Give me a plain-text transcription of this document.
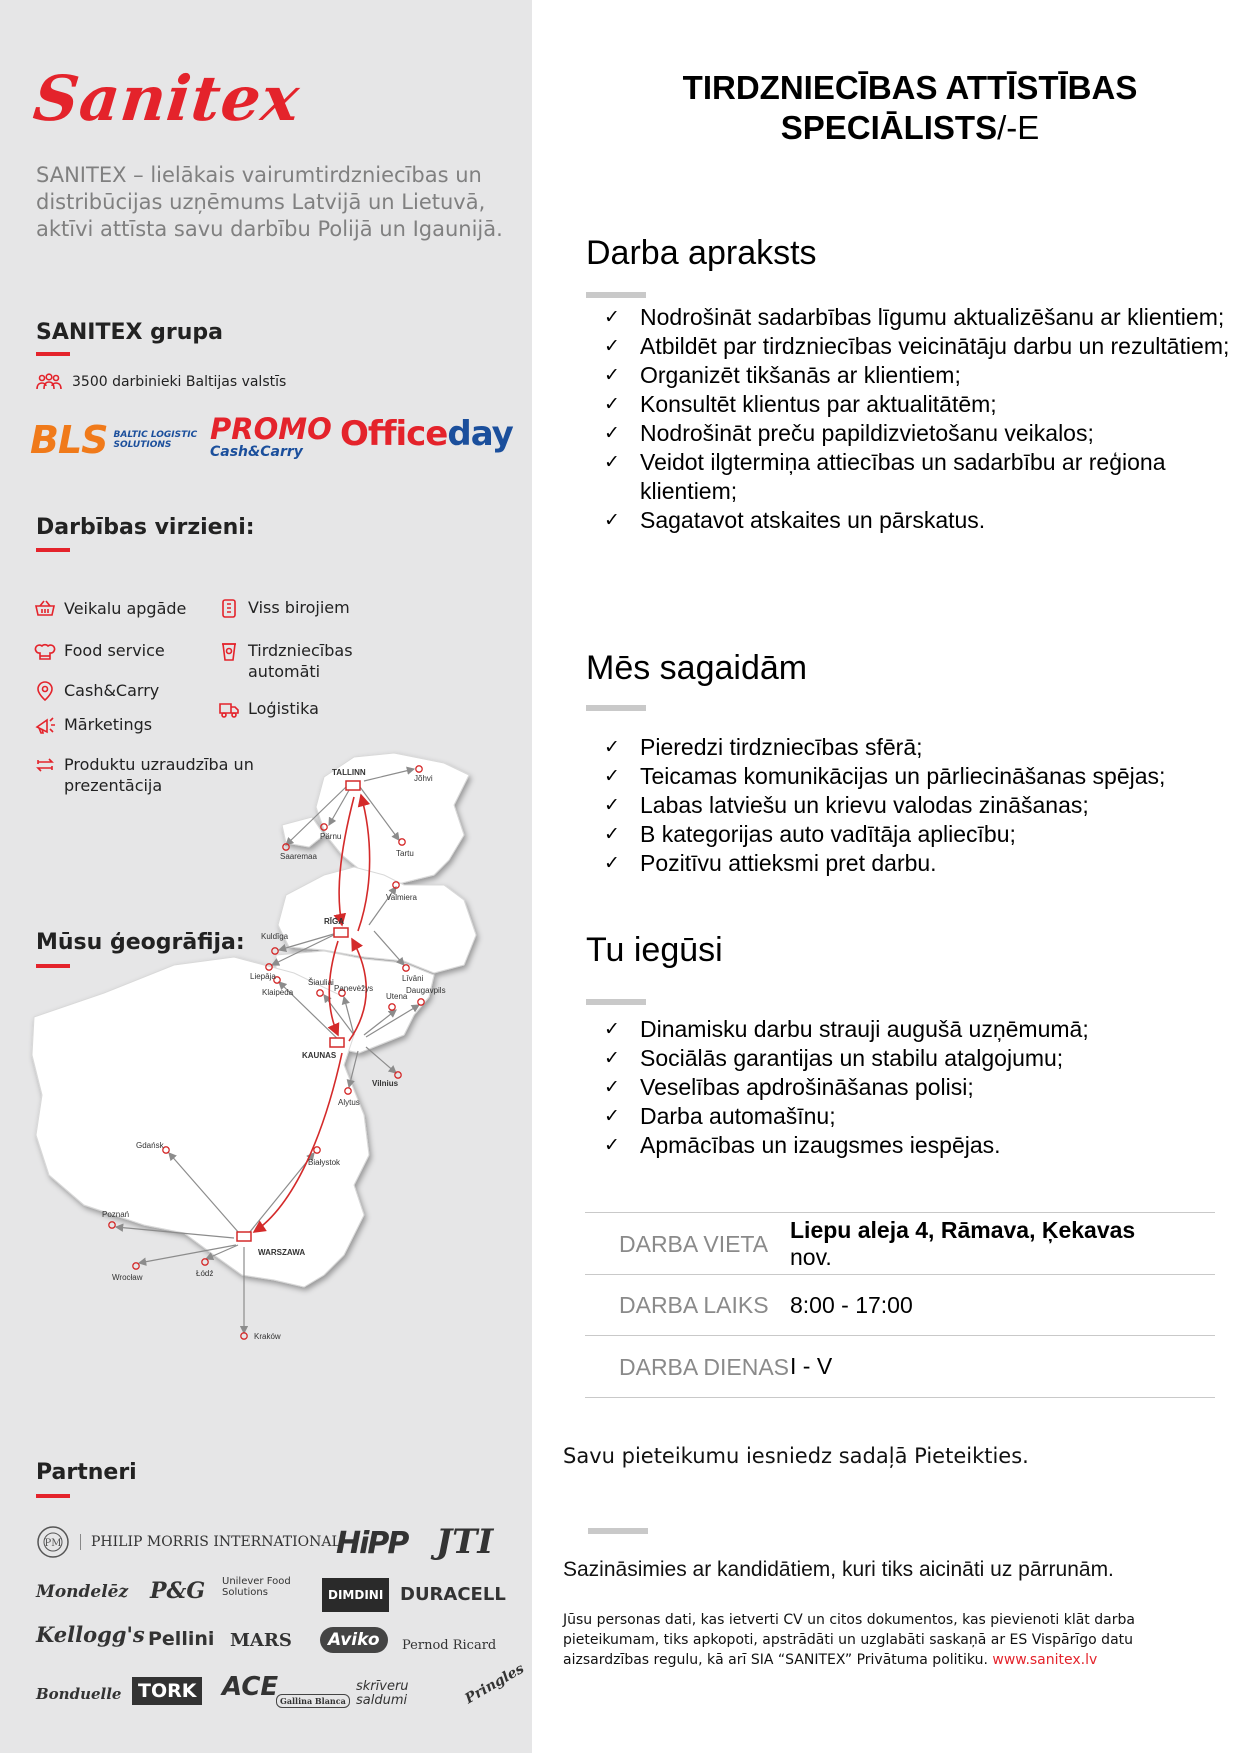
Sanitex
SANITEX – lielākais vairumtirdzniecības un distribūcijas uzņēmums Latvijā un Lietuvā, aktīvi attīsta savu darbību Polijā un Igaunijā.
SANITEX grupa
3500 darbinieki Baltijas valstīs
BLS BALTIC LOGISTIC
SOLUTIONS	PROMO
Cash&Carry	Officeday
Darbības virzieni:
Veikalu apgāde
Food service
Cash&Carry
Mārketings
Produktu uzraudzība un prezentācija
Viss birojiem
Tirdzniecības automāti
Loģistika
Mūsu ģeogrāfija:
TALLINN
Jõhvi
Pärnu
Tartu
Saaremaa
Valmiera
RĪGA
Kuldīga
Liepāja	Līvāni
Šiauliai
Klaipeda	Panevėžys	Daugavpils
Utena
KAUNAS
Vilnius
Alytus
Gdańsk
Białystok
Poznań
WARSZAWA
Wrocław	Łódź
Kraków
Partneri
PM	PHILIP MORRIS INTERNATIONAL
HiPP JTI
Mondelēz P&G Unilever Food Solutions	DIMDINI DURACELL
Kellogg's Pellini MARS	Aviko	Pernod Ricard
Bonduelle TORK ACE Gallina Blanca
skrīveru saldumi	Pringles
TIRDZNIECĪBAS ATTĪSTĪBAS
SPECIĀLISTS/-E
Darba apraksts
✓ Nodrošināt sadarbības līgumu aktualizēšanu ar klientiem;
✓ Atbildēt par tirdzniecības veicinātāju darbu un rezultātiem;
✓ Organizēt tikšanās ar klientiem;
✓ Konsultēt klientus par aktualitātēm;
✓ Nodrošināt preču papildizvietošanu veikalos;
✓ Veidot ilgtermiņa attiecības un sadarbību ar reģiona klientiem;
✓ Sagatavot atskaites un pārskatus.
Mēs sagaidām
✓ Pieredzi tirdzniecības sfērā;
✓ Teicamas komunikācijas un pārliecināšanas spējas;
✓ Labas latviešu un krievu valodas zināšanas;
✓ B kategorijas auto vadītāja apliecību;
✓ Pozitīvu attieksmi pret darbu.
Tu iegūsi
✓ Dinamisku darbu strauji augušā uzņēmumā;
✓ Sociālās garantijas un stabilu atalgojumu;
✓ Veselības apdrošināšanas polisi;
✓ Darba automašīnu;
✓ Apmācības un izaugsmes iespējas.
DARBA VIETA
Liepu aleja 4, Rāmava, Ķekavas
nov.
DARBA LAIKS 8:00 - 17:00
DARBA DIENAS I - V
Savu pieteikumu iesniedz sadaļā Pieteikties.
Sazināsimies ar kandidātiem, kuri tiks aicināti uz pārrunām.
Jūsu personas dati, kas ietverti CV un citos dokumentos, kas pievienoti klāt darba pieteikumam, tiks apkopoti, apstrādāti un uzglabāti saskaņā ar ES Vispārīgo datu aizsardzības regulu, kā arī SIA “SANITEX” Privātuma politiku. www.sanitex.lv
